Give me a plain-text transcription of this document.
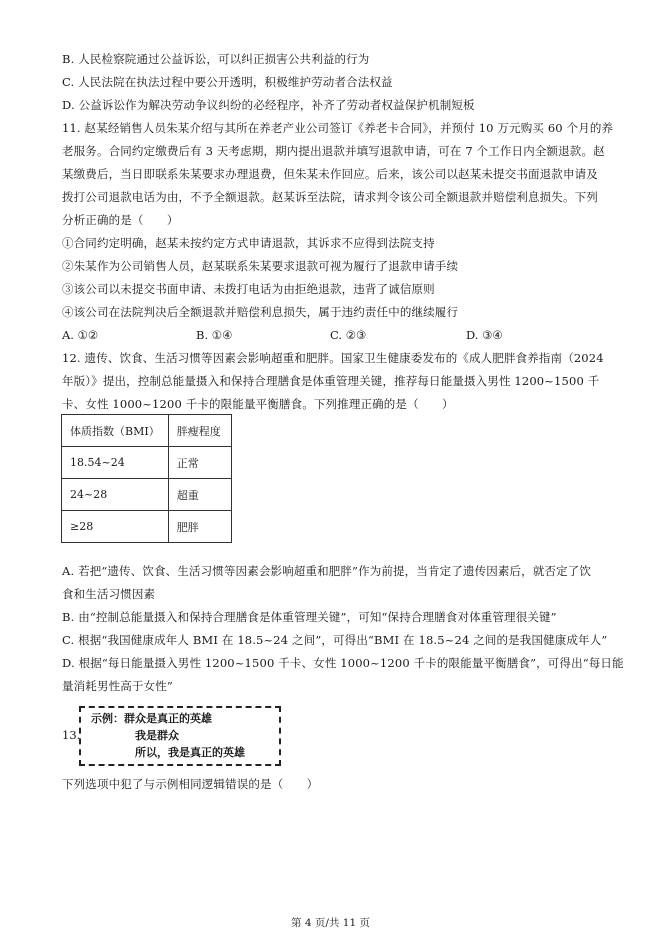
B. 人民检察院通过公益诉讼，可以纠正损害公共利益的行为
C. 人民法院在执法过程中要公开透明，积极维护劳动者合法权益
D. 公益诉讼作为解决劳动争议纠纷的必经程序，补齐了劳动者权益保护机制短板
11. 赵某经销售人员朱某介绍与其所在养老产业公司签订《养老卡合同》，并预付 10 万元购买 60 个月的养
老服务。合同约定缴费后有 3 天考虑期，期内提出退款并填写退款申请，可在 7 个工作日内全额退款。赵
某缴费后，当日即联系朱某要求办理退费，但朱某未作回应。后来，该公司以赵某未提交书面退款申请及
拨打公司退款电话为由，不予全额退款。赵某诉至法院，请求判令该公司全额退款并赔偿利息损失。下列
分析正确的是（　　）
①合同约定明确，赵某未按约定方式申请退款，其诉求不应得到法院支持
②朱某作为公司销售人员，赵某联系朱某要求退款可视为履行了退款申请手续
③该公司以未提交书面申请、未拨打电话为由拒绝退款，违背了诚信原则
④该公司在法院判决后全额退款并赔偿利息损失，属于违约责任中的继续履行
A. ①②	B. ①④	C. ②③	D. ③④
12. 遗传、饮食、生活习惯等因素会影响超重和肥胖。国家卫生健康委发布的《成人肥胖食养指南（2024
年版）》提出，控制总能量摄入和保持合理膳食是体重管理关键，推荐每日能量摄入男性 1200~1500 千
卡、女性 1000~1200 千卡的限能量平衡膳食。下列推理正确的是（　　）
体质指数（BMI）	胖瘦程度
18.54~24	正常
24~28	超重
≥28	肥胖
A. 若把“遗传、饮食、生活习惯等因素会影响超重和肥胖”作为前提，当肯定了遗传因素后，就否定了饮
食和生活习惯因素
B. 由“控制总能量摄入和保持合理膳食是体重管理关键”，可知“保持合理膳食对体重管理很关键”
C. 根据“我国健康成年人 BMI 在 18.5~24 之间”，可得出“BMI 在 18.5~24 之间的是我国健康成年人”
D. 根据“每日能量摄入男性 1200~1500 千卡、女性 1000~1200 千卡的限能量平衡膳食”，可得出“每日能
量消耗男性高于女性”
13.
示例：群众是真正的英雄
我是群众
所以，我是真正的英雄
下列选项中犯了与示例相同逻辑错误的是（　　）
第 4 页/共 11 页
